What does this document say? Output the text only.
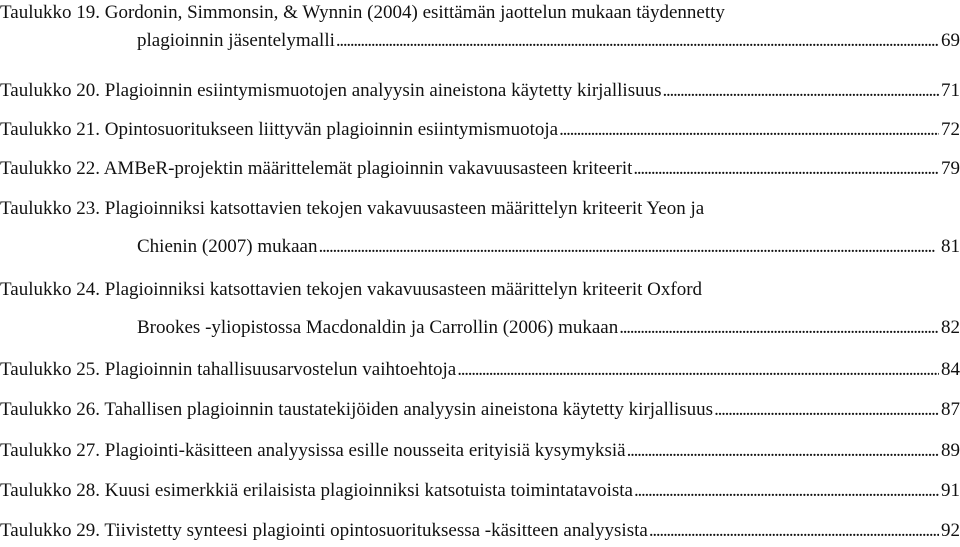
Taulukko 19. Gordonin, Simmonsin, & Wynnin (2004) esittämän jaottelun mukaan täydennetty
plagioinnin jäsentelymalli . . .	69
Taulukko 20. Plagioinnin esiintymismuotojen analyysin aineistona käytetty kirjallisuus . . .	71
Taulukko 21. Opintosuoritukseen liittyvän plagioinnin esiintymismuotoja . . .	72
Taulukko 22. AMBeR-projektin määrittelemät plagioinnin vakavuusasteen kriteerit . . .	79
Taulukko 23. Plagioinniksi katsottavien tekojen vakavuusasteen määrittelyn kriteerit Yeon ja
Chienin (2007) mukaan . . .	81
Taulukko 24. Plagioinniksi katsottavien tekojen vakavuusasteen määrittelyn kriteerit Oxford
Brookes -yliopistossa Macdonaldin ja Carrollin (2006) mukaan . . .	82
Taulukko 25. Plagioinnin tahallisuusarvostelun vaihtoehtoja . . .	84
Taulukko 26. Tahallisen plagioinnin taustatekijöiden analyysin aineistona käytetty kirjallisuus . . .	87
Taulukko 27. Plagiointi-käsitteen analyysissa esille nousseita erityisiä kysymyksiä . . .	89
Taulukko 28. Kuusi esimerkkiä erilaisista plagioinniksi katsotuista toimintatavoista . . .	91
Taulukko 29. Tiivistetty synteesi plagiointi opintosuorituksessa -käsitteen analyysista . . .	92
